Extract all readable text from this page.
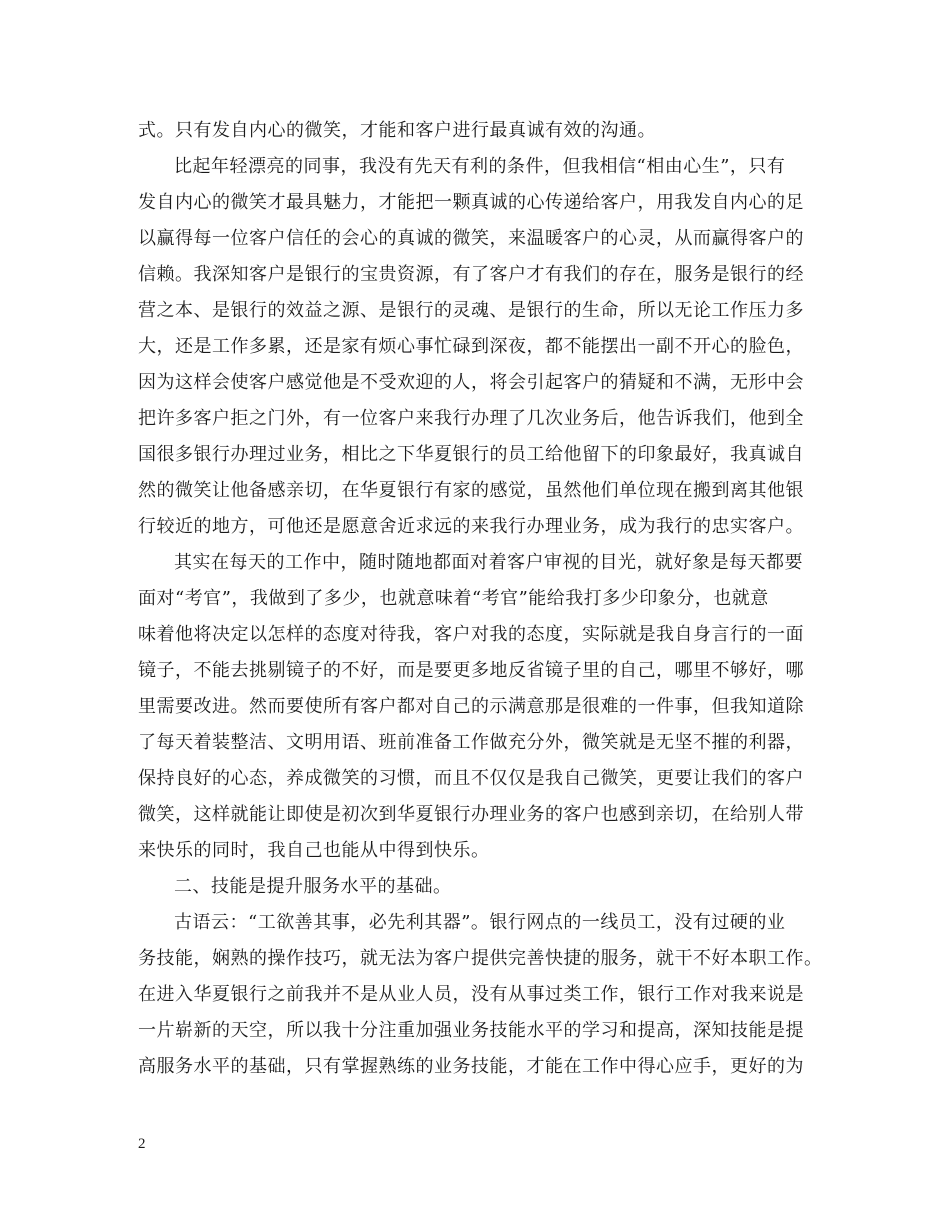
式。只有发自内心的微笑，才能和客户进行最真诚有效的沟通。
比起年轻漂亮的同事，我没有先天有利的条件，但我相信“相由心生”，只有
发自内心的微笑才最具魅力，才能把一颗真诚的心传递给客户，用我发自内心的足
以赢得每一位客户信任的会心的真诚的微笑，来温暖客户的心灵，从而赢得客户的
信赖。我深知客户是银行的宝贵资源，有了客户才有我们的存在，服务是银行的经
营之本、是银行的效益之源、是银行的灵魂、是银行的生命，所以无论工作压力多
大，还是工作多累，还是家有烦心事忙碌到深夜，都不能摆出一副不开心的脸色，
因为这样会使客户感觉他是不受欢迎的人，将会引起客户的猜疑和不满，无形中会
把许多客户拒之门外，有一位客户来我行办理了几次业务后，他告诉我们，他到全
国很多银行办理过业务，相比之下华夏银行的员工给他留下的印象最好，我真诚自
然的微笑让他备感亲切，在华夏银行有家的感觉，虽然他们单位现在搬到离其他银
行较近的地方，可他还是愿意舍近求远的来我行办理业务，成为我行的忠实客户。
其实在每天的工作中，随时随地都面对着客户审视的目光，就好象是每天都要
面对“考官”，我做到了多少，也就意味着“考官”能给我打多少印象分，也就意
味着他将决定以怎样的态度对待我，客户对我的态度，实际就是我自身言行的一面
镜子，不能去挑剔镜子的不好，而是要更多地反省镜子里的自己，哪里不够好，哪
里需要改进。然而要使所有客户都对自己的示满意那是很难的一件事，但我知道除
了每天着装整洁、文明用语、班前准备工作做充分外，微笑就是无坚不摧的利器，
保持良好的心态，养成微笑的习惯，而且不仅仅是我自己微笑，更要让我们的客户
微笑，这样就能让即使是初次到华夏银行办理业务的客户也感到亲切，在给别人带
来快乐的同时，我自己也能从中得到快乐。
二、技能是提升服务水平的基础。
古语云：“工欲善其事，必先利其器”。银行网点的一线员工，没有过硬的业
务技能，娴熟的操作技巧，就无法为客户提供完善快捷的服务，就干不好本职工作。
在进入华夏银行之前我并不是从业人员，没有从事过类工作，银行工作对我来说是
一片崭新的天空，所以我十分注重加强业务技能水平的学习和提高，深知技能是提
高服务水平的基础，只有掌握熟练的业务技能，才能在工作中得心应手，更好的为
2
